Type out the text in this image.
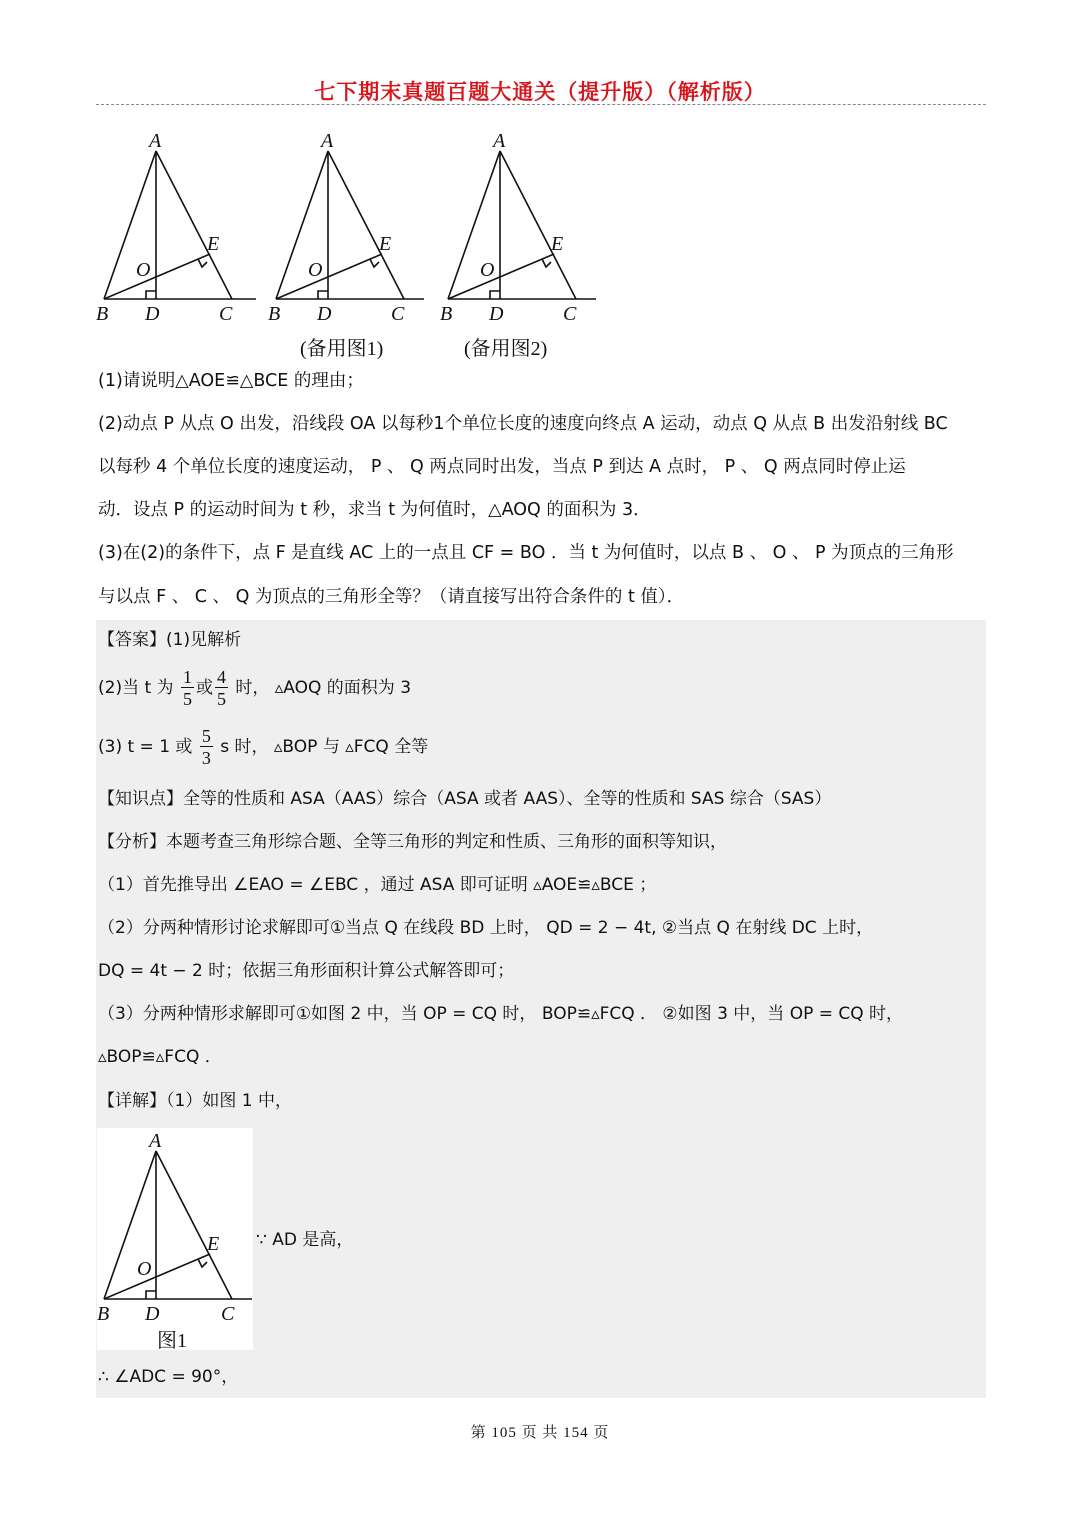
七下期末真题百题大通关（提升版）（解析版）
A
B D	C
E
O
A
B D	C
E
O
A
B D	C
E
O
(备用图1)	(备用图2)
(1)请说明△AOE≌△BCE 的理由；
(2)动点 P 从点 O 出发，沿线段 OA 以每秒1个单位长度的速度向终点 A 运动，动点 Q 从点 B 出发沿射线 BC
以每秒 4 个单位长度的速度运动， P 、 Q 两点同时出发，当点 P 到达 A 点时， P 、 Q 两点同时停止运
动．设点 P 的运动时间为 t 秒，求当 t 为何值时，△AOQ 的面积为 3．
(3)在(2)的条件下，点 F 是直线 AC 上的一点且 CF = BO ．当 t 为何值时，以点 B 、 O 、 P 为顶点的三角形
与以点 F 、 C 、 Q 为顶点的三角形全等？（请直接写出符合条件的 t 值）．
【答案】(1)见解析
(2)当 t 为 $\frac{1}{5}$ 或 $\frac{4}{5}$ 时， ▵AOQ 的面积为 3
(3) t = 1 或 $\frac{5}{3}$ s 时， ▵BOP 与 ▵FCQ 全等
【知识点】全等的性质和 ASA（AAS）综合（ASA 或者 AAS）、全等的性质和 SAS 综合（SAS）
【分析】本题考查三角形综合题、全等三角形的判定和性质、三角形的面积等知识，
（1）首先推导出 ∠EAO = ∠EBC ，通过 ASA 即可证明 ▵AOE≌▵BCE ；
（2）分两种情形讨论求解即可①当点 Q 在线段 BD 上时， QD = 2 − 4t, ②当点 Q 在射线 DC 上时，
DQ = 4t − 2 时；依据三角形面积计算公式解答即可；
（3）分两种情形求解即可①如图 2 中，当 OP = CQ 时， BOP≌▵FCQ ． ②如图 3 中，当 OP = CQ 时，
▵BOP≌▵FCQ ．
【详解】（1）如图 1 中，
A
B D	C
E
O
图1
∵ AD 是高，
∴ ∠ADC = 90°，
第 105 页 共 154 页
